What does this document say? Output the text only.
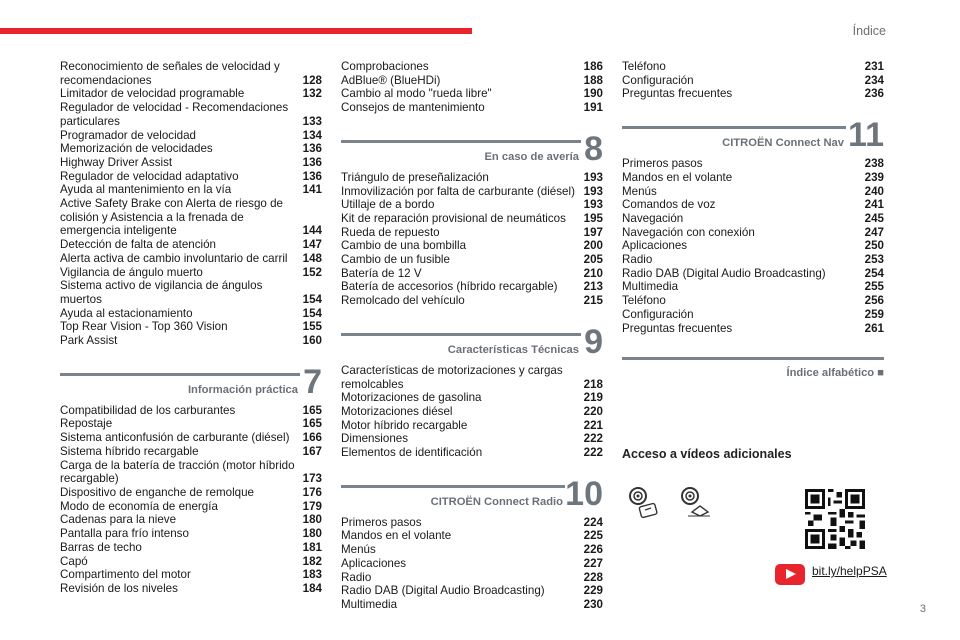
Índice
Reconocimiento de señales de velocidad y recomendaciones	128
Limitador de velocidad programable	132
Regulador de velocidad - Recomendaciones particulares	133
Programador de velocidad	134
Memorización de velocidades	136
Highway Driver Assist	136
Regulador de velocidad adaptativo	136
Ayuda al mantenimiento en la vía	141
Active Safety Brake con Alerta de riesgo de colisión y Asistencia a la frenada de emergencia inteligente	144
Detección de falta de atención	147
Alerta activa de cambio involuntario de carril	148
Vigilancia de ángulo muerto	152
Sistema activo de vigilancia de ángulos muertos	154
Ayuda al estacionamiento	154
Top Rear Vision - Top 360 Vision	155
Park Assist	160
Información práctica 7
Compatibilidad de los carburantes	165
Repostaje	165
Sistema anticonfusión de carburante (diésel)	166
Sistema híbrido recargable	167
Carga de la batería de tracción (motor híbrido recargable)	173
Dispositivo de enganche de remolque	176
Modo de economía de energía	179
Cadenas para la nieve	180
Pantalla para frío intenso	180
Barras de techo	181
Capó	182
Compartimento del motor	183
Revisión de los niveles	184
Comprobaciones	186
AdBlue® (BlueHDi)	188
Cambio al modo "rueda libre"	190
Consejos de mantenimiento	191
En caso de avería 8
Triángulo de preseñalización	193
Inmovilización por falta de carburante (diésel) 193
Utillaje de a bordo	193
Kit de reparación provisional de neumáticos	195
Rueda de repuesto	197
Cambio de una bombilla	200
Cambio de un fusible	205
Batería de 12 V	210
Batería de accesorios (híbrido recargable)	213
Remolcado del vehículo	215
Características Técnicas 9
Características de motorizaciones y cargas remolcables	218
Motorizaciones de gasolina	219
Motorizaciones diésel	220
Motor híbrido recargable	221
Dimensiones	222
Elementos de identificación	222
CITROËN Connect Radio 10
Primeros pasos	224
Mandos en el volante	225
Menús	226
Aplicaciones	227
Radio	228
Radio DAB (Digital Audio Broadcasting)	229
Multimedia	230
Teléfono	231
Configuración	234
Preguntas frecuentes	236
CITROËN Connect Nav 11
Primeros pasos	238
Mandos en el volante	239
Menús	240
Comandos de voz	241
Navegación	245
Navegación con conexión	247
Aplicaciones	250
Radio	253
Radio DAB (Digital Audio Broadcasting)	254
Multimedia	255
Teléfono	256
Configuración	259
Preguntas frecuentes	261
Índice alfabético ■
Acceso a vídeos adicionales
bit.ly/helpPSA
3
